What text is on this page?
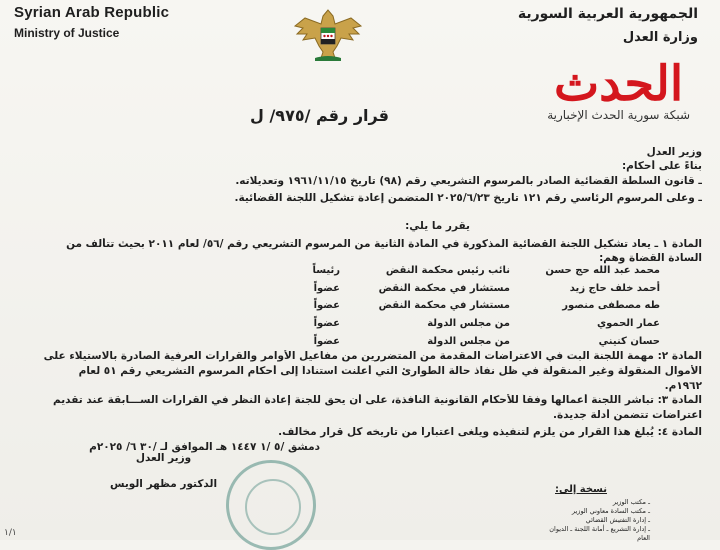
Syrian Arab Republic
Ministry of Justice
الجمهورية العربية السورية
وزارة العدل
الحدث
شبكة سورية الحدث الإخبارية
قرار رقم /٩٧٥/ ل
وزير العدل
بناءً على أحكام:
ـ قانون السلطة القضائية الصادر بالمرسوم التشريعي رقم (٩٨) تاريخ ١٩٦١/١١/١٥ وتعديلاته.
ـ وعلى المرسوم الرئاسي رقم ١٢١ تاريخ ٢٠٢٥/٦/٢٣ المتضمن إعادة تشكيل اللجنة القضائية.
يقرر ما يلي:
المادة ١ ـ يعاد تشكيل اللجنة القضائية المذكورة في المادة الثانية من المرسوم التشريعي رقم /٥٦/ لعام ٢٠١١ بحيث تتألف من
السادة القضاة وهم:
محمد عبد الله حج حسن
نائب رئيس محكمة النقض
رئيساً
أحمد خلف حاج زيد
مستشار في محكمة النقض
عضواً
طه مصطفى منصور
مستشار في محكمة النقض
عضواً
عمار الحموي
من مجلس الدولة
عضواً
حسان كنيني
من مجلس الدولة
عضواً
المادة ٢: مهمة اللجنة البت في الاعتراضات المقدمة من المتضررين من مفاعيل الأوامر والقرارات العرفية الصادرة بالاستيلاء على
الأموال المنقولة وغير المنقولة في ظل نفاذ حالة الطوارئ التي أعلنت استناداً إلى أحكام المرسوم التشريعي رقم ٥١ لعام
١٩٦٢م.
المادة ٣: تباشر اللجنة أعمالها وفقاً للأحكام القانونية النافذة، على أن يحق للجنة إعادة النظر في القرارات الســـابقة عند تقديم
اعتراضات تتضمن أدلة جديدة.
المادة ٤: يُبلّغ هذا القرار من يلزم لتنفيذه ويلغى اعتباراً من تاريخه كل قرار مخالف.
دمشق /٥ /١ ١٤٤٧ هـ الموافق لـ /٣٠ ٦/ ٢٠٢٥م
وزير العدل
الدكتور مظهر الويس	نسخة إلى:
ـ مكتب الوزير
ـ مكتب السادة معاوني الوزير
ـ إدارة التفتيش القضائي
ـ إدارة التشريع ـ أمانة اللجنة ـ الديوان العام
١/١
